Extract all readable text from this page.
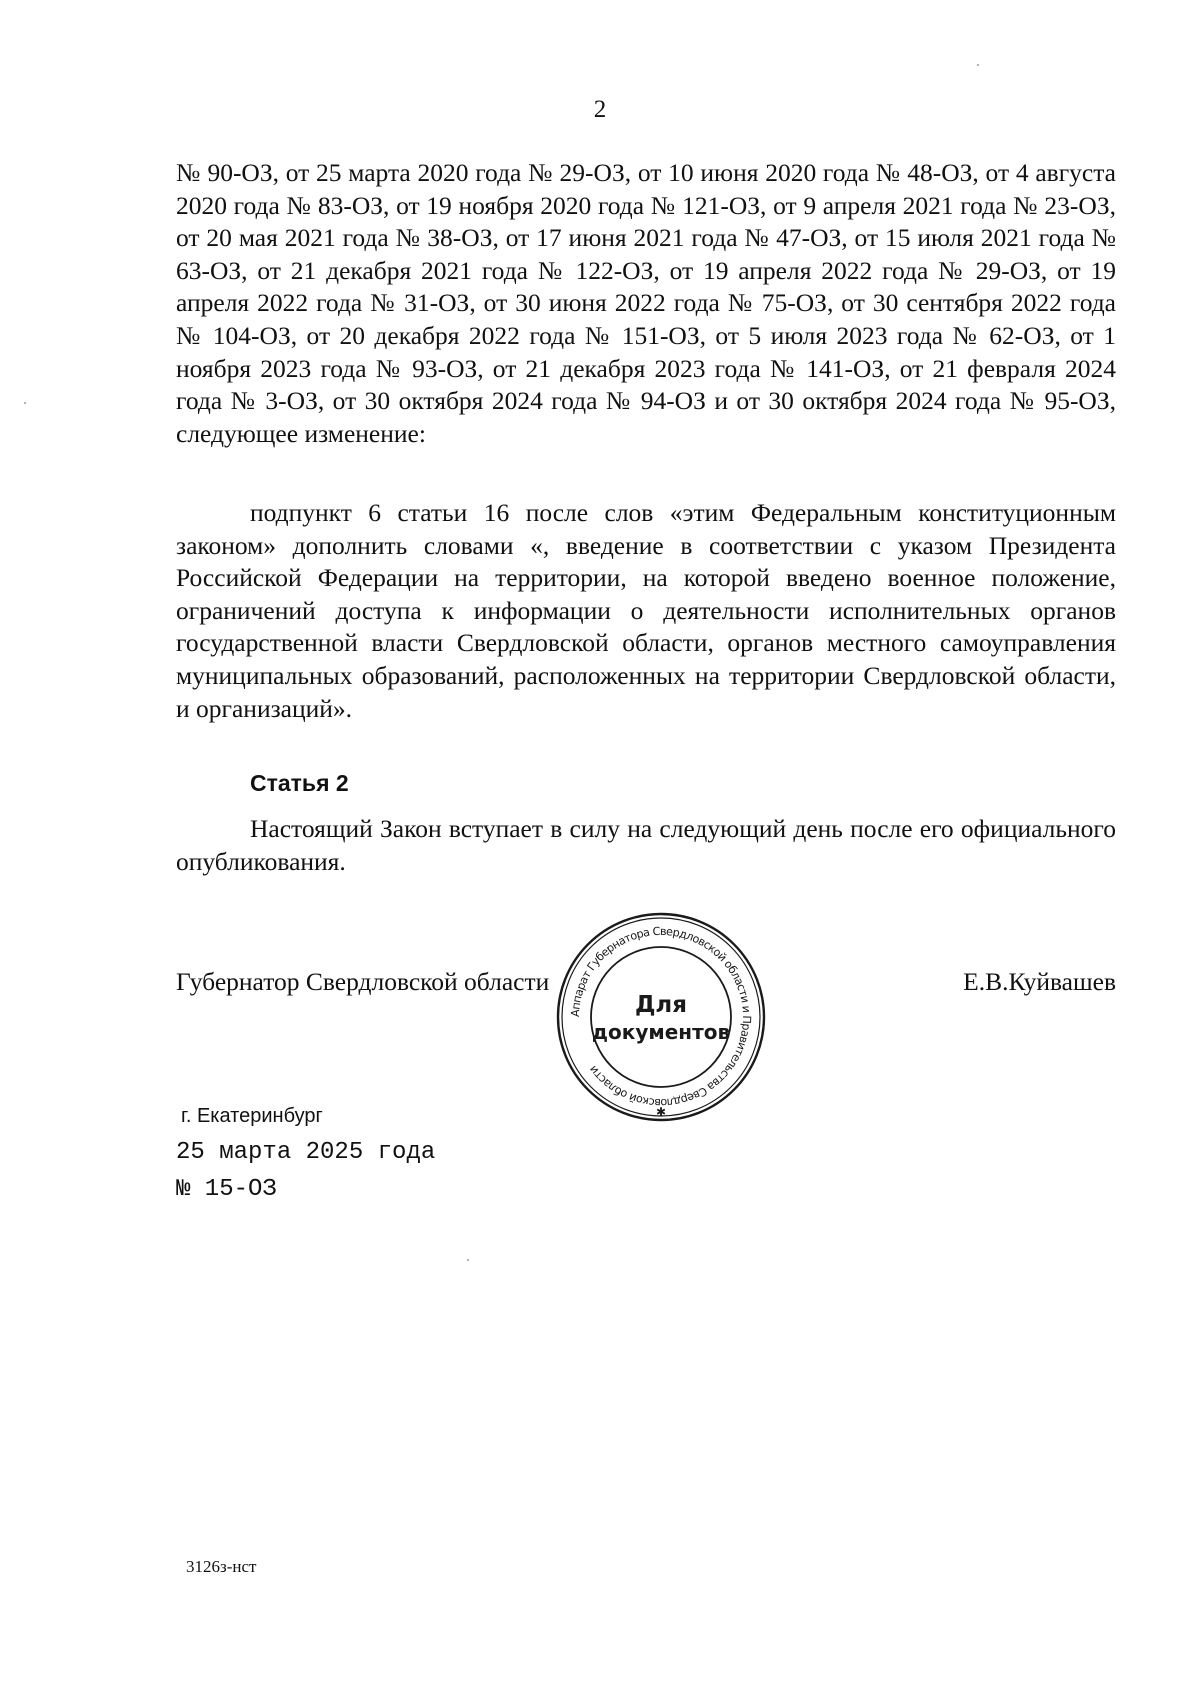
2

№ 90-ОЗ, от 25 марта 2020 года № 29-ОЗ, от 10 июня 2020 года № 48-ОЗ, от 4 августа 2020 года № 83-ОЗ, от 19 ноября 2020 года № 121-ОЗ, от 9 апреля 2021 года № 23-ОЗ, от 20 мая 2021 года № 38-ОЗ, от 17 июня 2021 года № 47-ОЗ, от 15 июля 2021 года № 63-ОЗ, от 21 декабря 2021 года № 122-ОЗ, от 19 апреля 2022 года № 29-ОЗ, от 19 апреля 2022 года № 31-ОЗ, от 30 июня 2022 года № 75-ОЗ, от 30 сентября 2022 года № 104-ОЗ, от 20 декабря 2022 года № 151-ОЗ, от 5 июля 2023 года № 62-ОЗ, от 1 ноября 2023 года № 93-ОЗ, от 21 декабря 2023 года № 141-ОЗ, от 21 февраля 2024 года № 3-ОЗ, от 30 октября 2024 года № 94-ОЗ и от 30 октября 2024 года № 95-ОЗ, следующее изменение:

подпункт 6 статьи 16 после слов «этим Федеральным конституционным законом» дополнить словами «, введение в соответствии с указом Президента Российской Федерации на территории, на которой введено военное положение, ограничений доступа к информации о деятельности исполнительных органов государственной власти Свердловской области, органов местного самоуправления муниципальных образований, расположенных на территории Свердловской области, и организаций».

Статья 2

Настоящий Закон вступает в силу на следующий день после его официального опубликования.

Губернатор Свердловской области	Е.В.Куйвашев
Аппарат Губернатора Свердловской области и Правительства Свердловской области
✱
Для
документов
г. Екатеринбург
25 марта 2025 года
№ 15-ОЗ
3126з-нст
